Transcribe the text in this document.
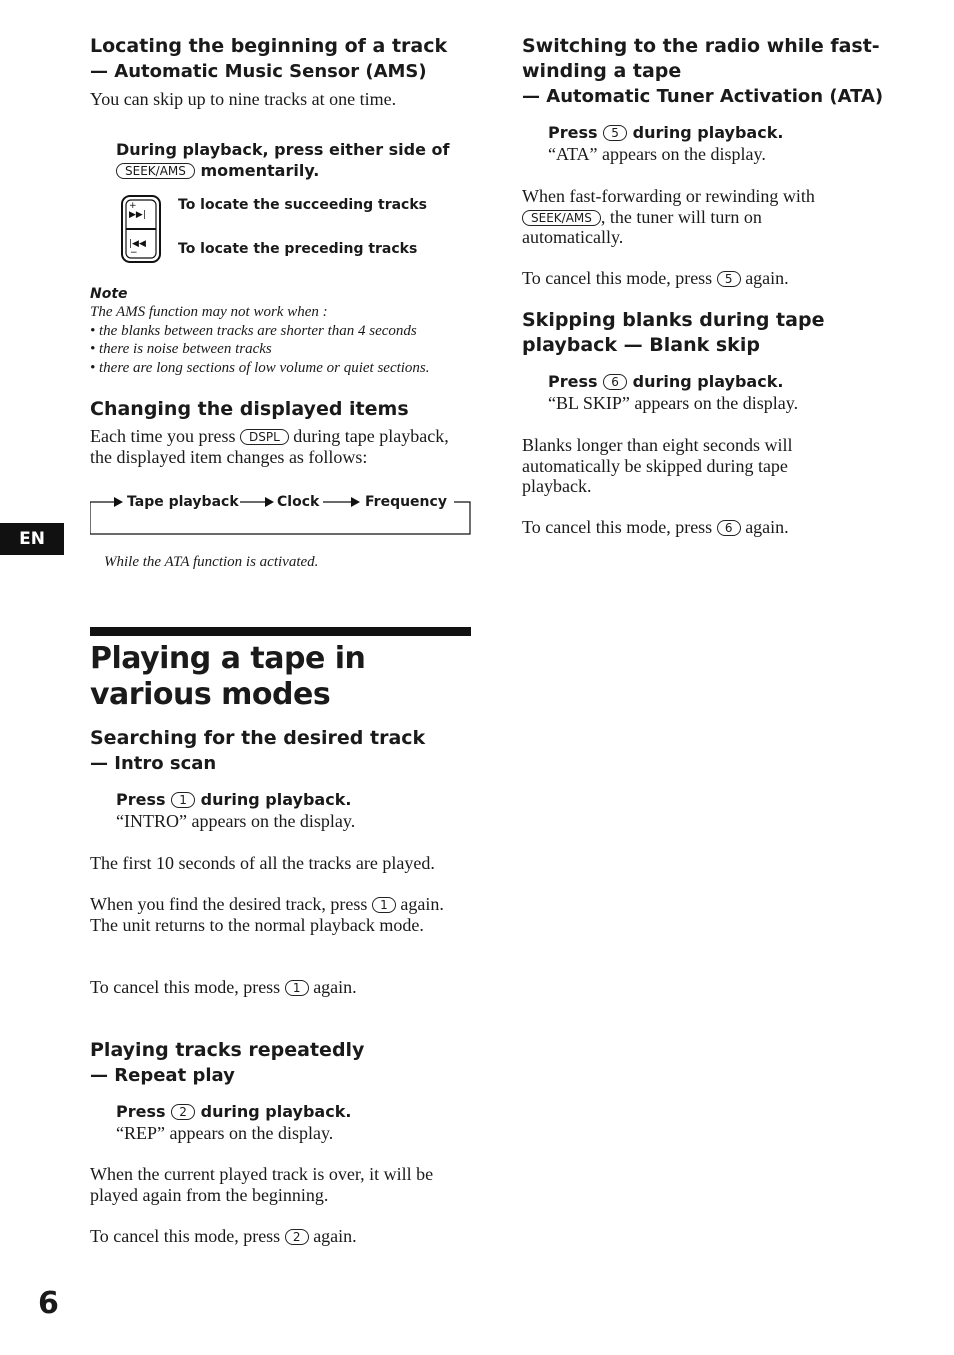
Locating the beginning of a track
— Automatic Music Sensor (AMS)
You can skip up to nine tracks at one time.
During playback, press either side of
SEEK/AMS momentarily.
+
▶▶|
|◀◀
−
To locate the succeeding tracks
To locate the preceding tracks
Note
The AMS function may not work when :
• the blanks between tracks are shorter than 4 seconds
• there is noise between tracks
• there are long sections of low volume or quiet sections.
Changing the displayed items
Each time you press DSPL during tape playback, the displayed item changes as follows:
Tape playback	Clock	Frequency
While the ATA function is activated.
EN
Playing a tape in various modes
Searching for the desired track
— Intro scan
Press 1 during playback.
“INTRO” appears on the display.
The first 10 seconds of all the tracks are played.
When you find the desired track, press 1 again. The unit returns to the normal playback mode.
To cancel this mode, press 1 again.
Playing tracks repeatedly
— Repeat play
Press 2 during playback.
“REP” appears on the display.
When the current played track is over, it will be played again from the beginning.
To cancel this mode, press 2 again.
6
Switching to the radio while fast-winding a tape
— Automatic Tuner Activation (ATA)
Press 5 during playback.
“ATA” appears on the display.
When fast-forwarding or rewinding with SEEK/AMS , the tuner will turn on automatically.
To cancel this mode, press 5 again.
Skipping blanks during tape playback — Blank skip
Press 6 during playback.
“BL SKIP” appears on the display.
Blanks longer than eight seconds will automatically be skipped during tape playback.
To cancel this mode, press 6 again.
